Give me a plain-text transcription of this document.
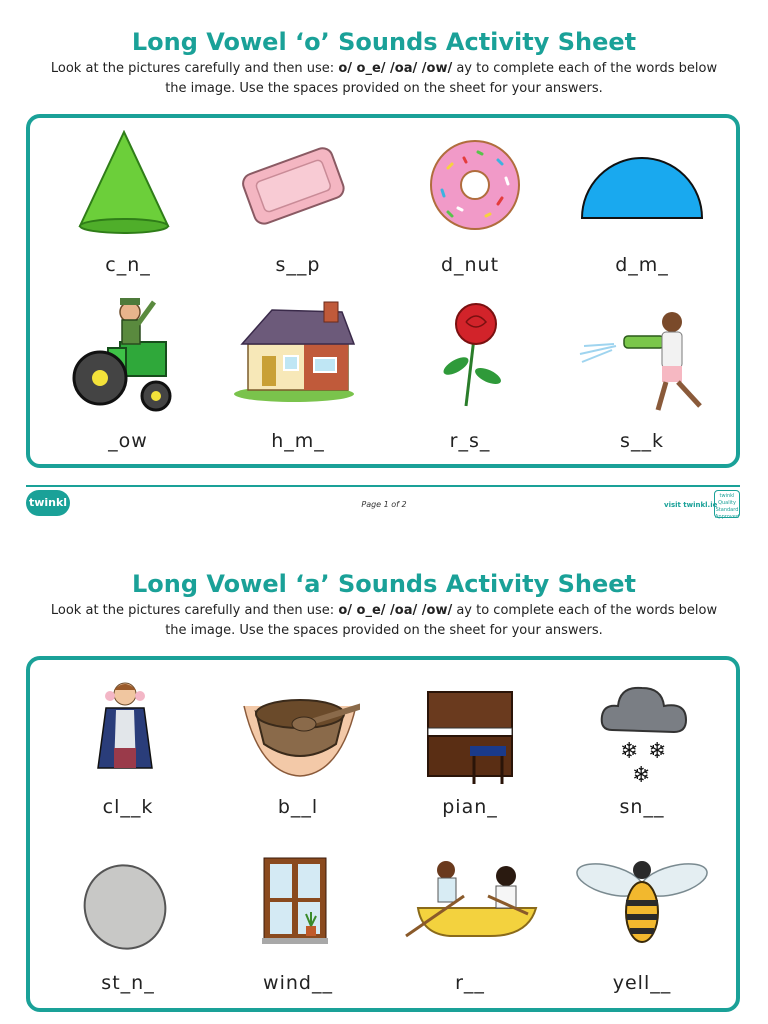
Long Vowel ‘o’ Sounds Activity Sheet
Look at the pictures carefully and then use: o/ o_e/ /oa/ /ow/ ay to complete each of the words below the image. Use the spaces provided on the sheet for your answers.
c_n_	s__p	d_nut	d_m_
_ow	h_m_	r_s_	s__k
twinkl	Page 1 of 2	visit twinkl.ie
twinkl Quality Standard Approved
Long Vowel ‘a’ Sounds Activity Sheet
Look at the pictures carefully and then use: o/ o_e/ /oa/ /ow/ ay to complete each of the words below the image. Use the spaces provided on the sheet for your answers.
❄ ❄
❄
cl__k	b__l	pian_	sn__
st_n_	wind__	r__	yell__
